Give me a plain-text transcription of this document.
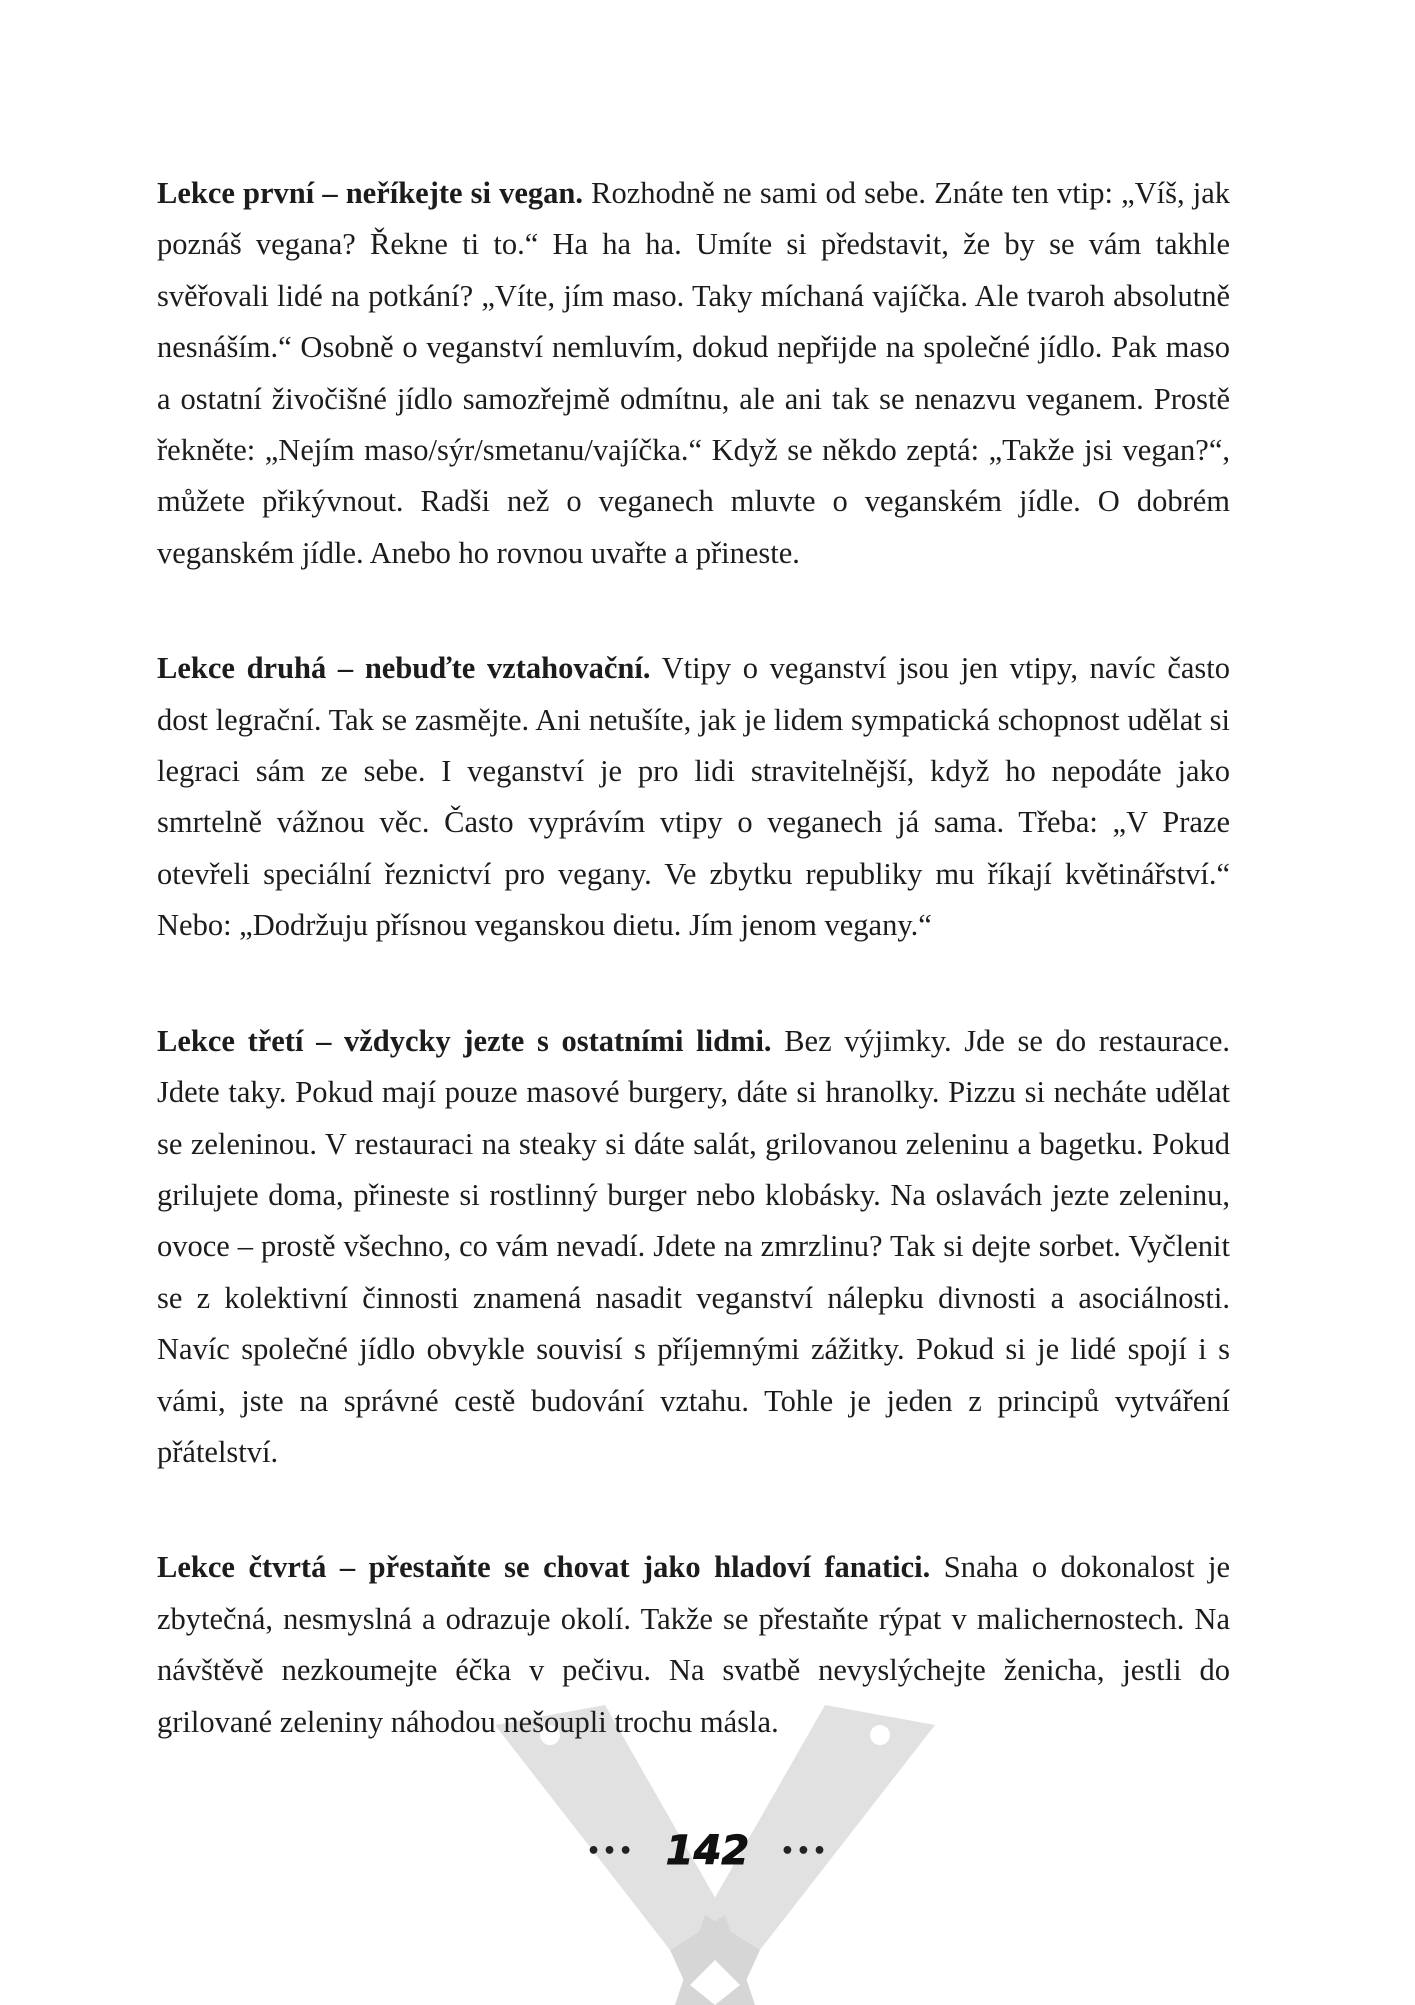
Lekce první – neříkejte si vegan. Rozhodně ne sami od sebe. Znáte ten vtip: „Víš, jak poznáš vegana? Řekne ti to.“ Ha ha ha. Umíte si představit, že by se vám takhle svěřovali lidé na potkání? „Víte, jím maso. Taky míchaná vajíčka. Ale tvaroh absolutně nesnáším.“ Osobně o veganství nemluvím, dokud nepřijde na společné jídlo. Pak maso a ostatní živočišné jídlo samozřejmě odmítnu, ale ani tak se nenazvu veganem. Prostě řekněte: „Nejím maso/sýr/smetanu/vajíčka.“ Když se někdo zeptá: „Takže jsi vegan?“, můžete přikývnout. Radši než o veganech mluvte o veganském jídle. O dobrém veganském jídle. Anebo ho rovnou uvařte a přineste.

Lekce druhá – nebuďte vztahovační. Vtipy o veganství jsou jen vtipy, navíc často dost legrační. Tak se zasmějte. Ani netušíte, jak je lidem sympatická schopnost udělat si legraci sám ze sebe. I veganství je pro lidi stravitelnější, když ho nepodáte jako smrtelně vážnou věc. Často vyprávím vtipy o veganech já sama. Třeba: „V Praze otevřeli speciální řeznictví pro vegany. Ve zbytku republiky mu říkají květinářství.“ Nebo: „Dodržuju přísnou veganskou dietu. Jím jenom vegany.“

Lekce třetí – vždycky jezte s ostatními lidmi. Bez výjimky. Jde se do restaurace. Jdete taky. Pokud mají pouze masové burgery, dáte si hranolky. Pizzu si necháte udělat se zeleninou. V restauraci na steaky si dáte salát, grilovanou zeleninu a bagetku. Pokud grilujete doma, přineste si rostlinný burger nebo klobásky. Na oslavách jezte zeleninu, ovoce – prostě všechno, co vám nevadí. Jdete na zmrzlinu? Tak si dejte sorbet. Vyčlenit se z kolektivní činnosti znamená nasadit veganství nálepku divnosti a asociálnosti. Navíc společné jídlo obvykle souvisí s příjemnými zážitky. Pokud si je lidé spojí i s vámi, jste na správné cestě budování vztahu. Tohle je jeden z principů vytváření přátelství.

Lekce čtvrtá – přestaňte se chovat jako hladoví fanatici. Snaha o dokonalost je zbytečná, nesmyslná a odrazuje okolí. Takže se přestaňte rýpat v malichernostech. Na návštěvě nezkoumejte éčka v pečivu. Na svatbě nevyslýchejte ženicha, jestli do grilované zeleniny náhodou nešoupli trochu másla.

••• 142 •••
